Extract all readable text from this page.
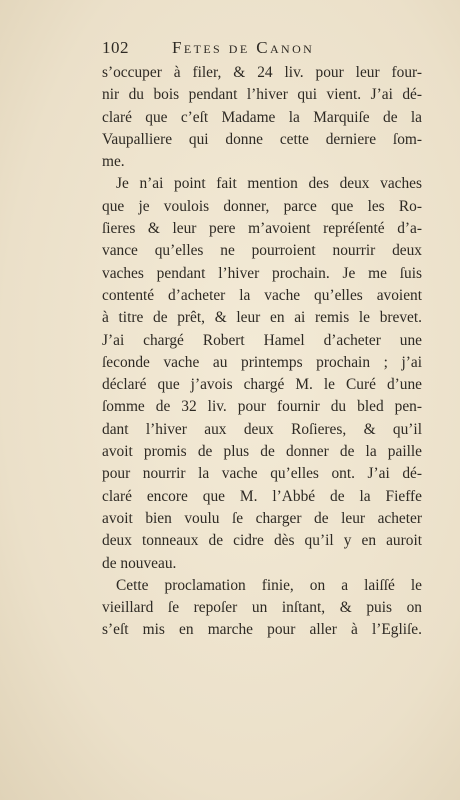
102	Fetes de Canon
s’occuper à filer, & 24 liv. pour leur four-
nir du bois pendant l’hiver qui vient. J’ai dé-
claré que c’eſt Madame la Marquiſe de la
Vaupalliere qui donne cette derniere ſom-
me.
Je n’ai point fait mention des deux vaches
que je voulois donner, parce que les Ro-
ſieres & leur pere m’avoient repréſenté d’a-
vance qu’elles ne pourroient nourrir deux
vaches pendant l’hiver prochain. Je me ſuis
contenté d’acheter la vache qu’elles avoient
à titre de prêt, & leur en ai remis le brevet.
J’ai chargé Robert Hamel d’acheter une
ſeconde vache au printemps prochain ; j’ai
déclaré que j’avois chargé M. le Curé d’une
ſomme de 32 liv. pour fournir du bled pen-
dant l’hiver aux deux Roſieres, & qu’il
avoit promis de plus de donner de la paille
pour nourrir la vache qu’elles ont. J’ai dé-
claré encore que M. l’Abbé de la Fieffe
avoit bien voulu ſe charger de leur acheter
deux tonneaux de cidre dès qu’il y en auroit
de nouveau.
Cette proclamation finie, on a laiſſé le
vieillard ſe repoſer un inſtant, & puis on
s’eſt mis en marche pour aller à l’Egliſe.
